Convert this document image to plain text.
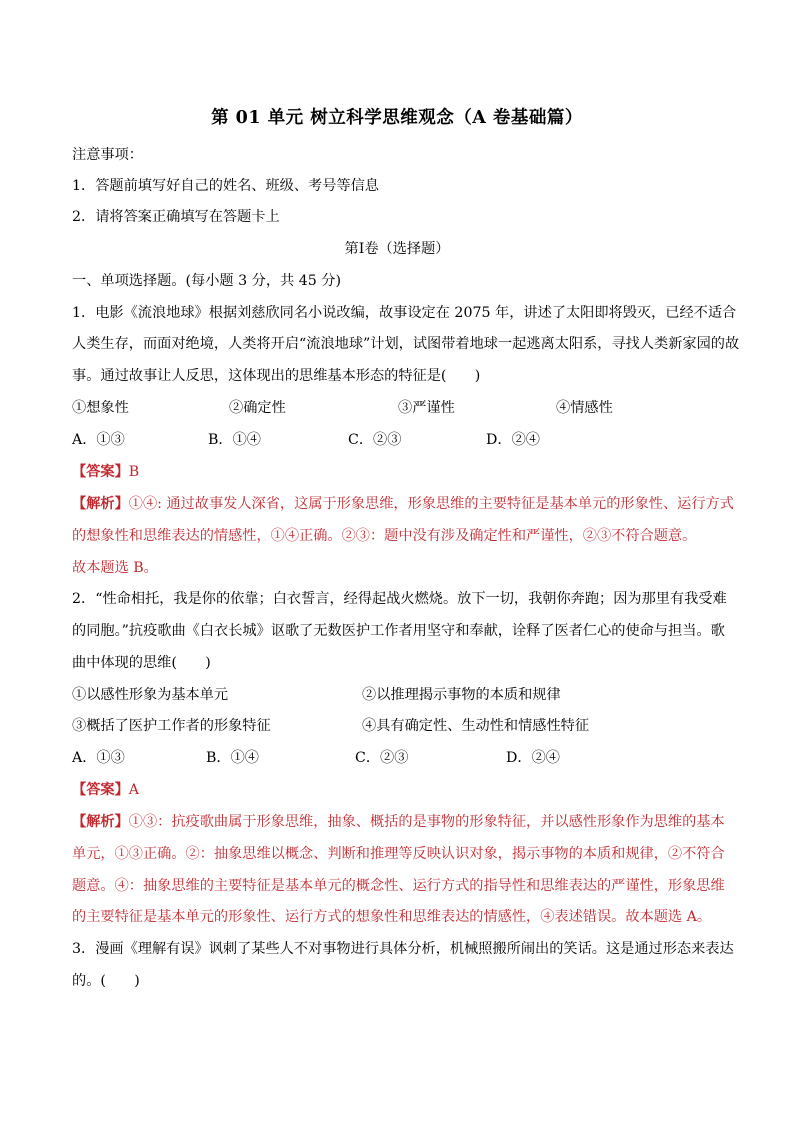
第 01 单元 树立科学思维观念（A 卷基础篇）
注意事项：
1．答题前填写好自己的姓名、班级、考号等信息
2．请将答案正确填写在答题卡上
第Ⅰ卷（选择题）
一、单项选择题。(每小题 3 分，共 45 分)
1．电影《流浪地球》根据刘慈欣同名小说改编，故事设定在 2075 年，讲述了太阳即将毁灭，已经不适合
人类生存，而面对绝境，人类将开启“流浪地球”计划，试图带着地球一起逃离太阳系，寻找人类新家园的故
事。通过故事让人反思，这体现出的思维基本形态的特征是(　　)
①想象性	②确定性	③严谨性	④情感性
A．①③	B．①④	C．②③	D．②④
【答案】B
【解析】①④: 通过故事发人深省，这属于形象思维，形象思维的主要特征是基本单元的形象性、运行方式
的想象性和思维表达的情感性，①④正确。②③：题中没有涉及确定性和严谨性，②③不符合题意。
故本题选 B。
2．“性命相托，我是你的依靠；白衣誓言，经得起战火燃烧。放下一切，我朝你奔跑；因为那里有我受难
的同胞。”抗疫歌曲《白衣长城》讴歌了无数医护工作者用坚守和奉献，诠释了医者仁心的使命与担当。歌
曲中体现的思维(　　)
①以感性形象为基本单元	②以推理揭示事物的本质和规律
③概括了医护工作者的形象特征	④具有确定性、生动性和情感性特征
A．①③	B．①④	C．②③	D．②④
【答案】A
【解析】①③：抗疫歌曲属于形象思维，抽象、概括的是事物的形象特征，并以感性形象作为思维的基本
单元，①③正确。②：抽象思维以概念、判断和推理等反映认识对象，揭示事物的本质和规律，②不符合
题意。④：抽象思维的主要特征是基本单元的概念性、运行方式的指导性和思维表达的严谨性，形象思维
的主要特征是基本单元的形象性、运行方式的想象性和思维表达的情感性，④表述错误。故本题选 A。
3．漫画《理解有误》讽刺了某些人不对事物进行具体分析，机械照搬所闹出的笑话。这是通过形态来表达
的。(　　)
